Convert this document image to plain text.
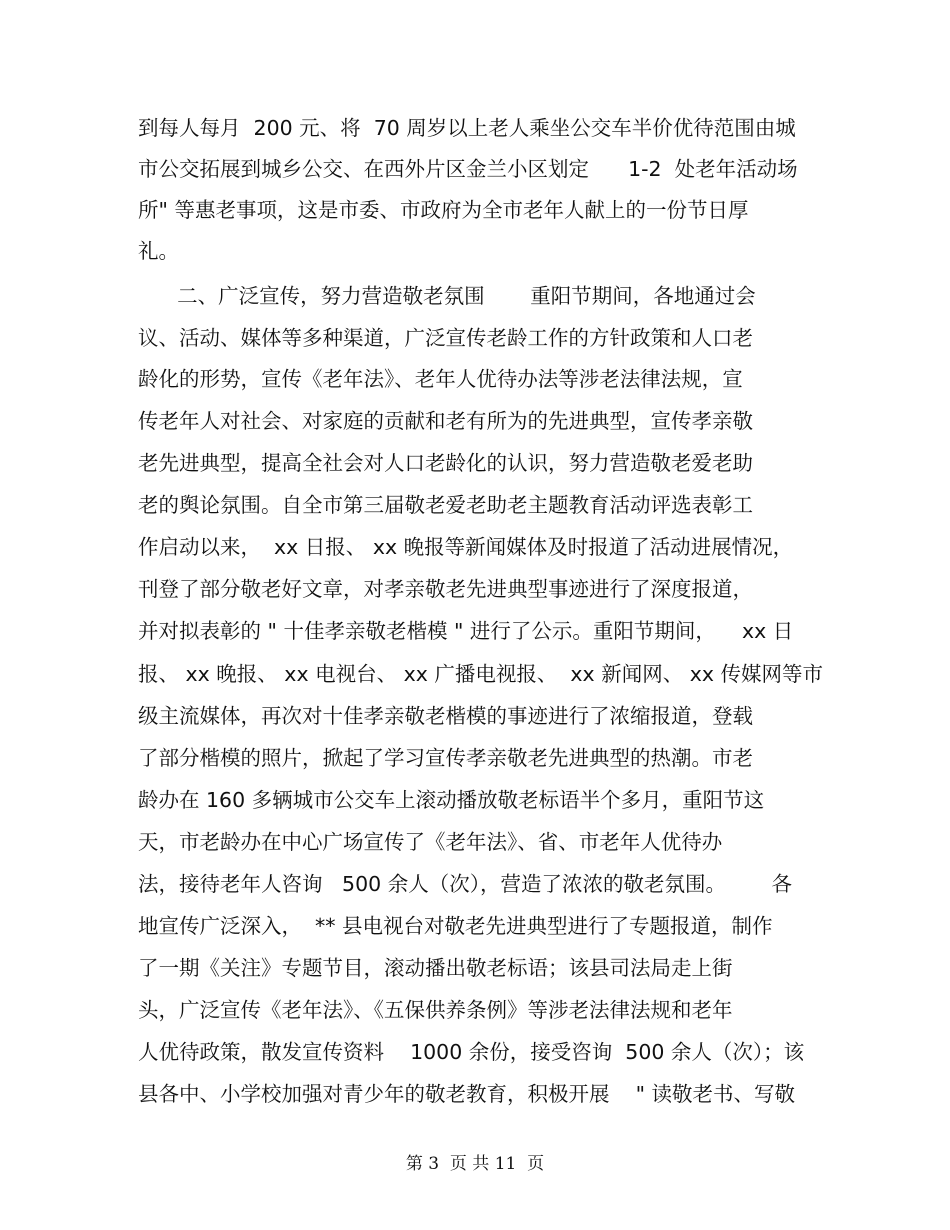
到每人每月  200 元、将  70 周岁以上老人乘坐公交车半价优待范围由城
市公交拓展到城乡公交、在西外片区金兰小区划定      1-2  处老年活动场
所" 等惠老事项，这是市委、市政府为全市老年人献上的一份节日厚
礼。
二、广泛宣传，努力营造敬老氛围       重阳节期间，各地通过会
议、活动、媒体等多种渠道，广泛宣传老龄工作的方针政策和人口老
龄化的形势，宣传《老年法》、老年人优待办法等涉老法律法规，宣
传老年人对社会、对家庭的贡献和老有所为的先进典型，宣传孝亲敬
老先进典型，提高全社会对人口老龄化的认识，努力营造敬老爱老助
老的舆论氛围。自全市第三届敬老爱老助老主题教育活动评选表彰工
作启动以来，  xx 日报、 xx 晚报等新闻媒体及时报道了活动进展情况，
刊登了部分敬老好文章，对孝亲敬老先进典型事迹进行了深度报道，
并对拟表彰的 " 十佳孝亲敬老楷模 " 进行了公示。重阳节期间，    xx 日
报、 xx 晚报、 xx 电视台、 xx 广播电视报、  xx 新闻网、 xx 传媒网等市
级主流媒体，再次对十佳孝亲敬老楷模的事迹进行了浓缩报道，登载
了部分楷模的照片，掀起了学习宣传孝亲敬老先进典型的热潮。市老
龄办在 160 多辆城市公交车上滚动播放敬老标语半个多月，重阳节这
天，市老龄办在中心广场宣传了《老年法》、省、市老年人优待办
法，接待老年人咨询   500 余人（次），营造了浓浓的敬老氛围。       各
地宣传广泛深入，  ** 县电视台对敬老先进典型进行了专题报道，制作
了一期《关注》专题节目，滚动播出敬老标语；该县司法局走上街
头，广泛宣传《老年法》、《五保供养条例》等涉老法律法规和老年
人优待政策，散发宣传资料    1000 余份，接受咨询  500 余人（次）；该
县各中、小学校加强对青少年的敬老教育，积极开展    " 读敬老书、写敬
第 3  页 共 11  页
